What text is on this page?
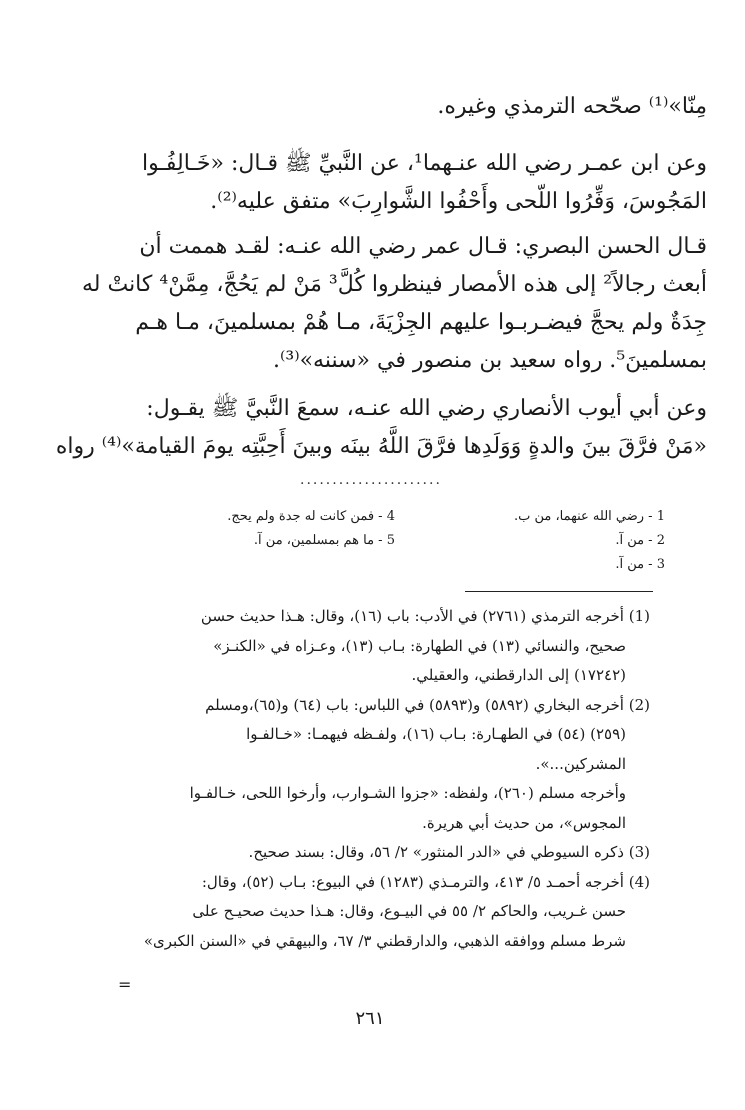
مِنّا»⁽¹⁾ صحّحه الترمذي وغيره.
وعن ابن عمـر رضي الله عنـهما¹، عن النَّبيِّ ﷺ قـال: «خَـالِفُـوا
المَجُوسَ، وَفِّرُوا اللّحى وأَحْفُوا الشَّوارِبَ» متفق عليه⁽²⁾.
قـال الحسن البصري: قـال عمر رضي الله عنـه: لقـد هممت أن
أبعث رجالاً² إلى هذه الأمصار فينظروا كُلَّ³ مَنْ لم يَحُجَّ، مِمَّنْ⁴ كانتْ له
جِدَةٌ ولم يحجَّ فيضـربـوا عليهم الجِزْيَةَ، مـا هُمْ بمسلمينَ، مـا هـم
بمسلمينَ⁵. رواه سعيد بن منصور في «سننه»⁽³⁾.
وعن أبي أيوب الأنصاري رضي الله عنـه، سمعَ النَّبيَّ ﷺ يقـول:
«مَنْ فرَّقَ بينَ والدةٍ وَوَلَدِها فرَّقَ اللَّهُ بينَه وبينَ أَحِبَّتِه يومَ القيامة»⁽⁴⁾ رواه
......................
1 - رضي الله عنهما، من ب.
2 - من آ.
3 - من آ.
4 - فمن كانت له جدة ولم يحج.
5 - ما هم بمسلمين، من آ.
(1) أخرجه الترمذي (٢٧٦١) في الأدب: باب (١٦)، وقال: هـذا حديث حسن
صحيح، والنسائي (١٣) في الطهارة: بـاب (١٣)، وعـزاه في «الكنـز»
(١٧٢٤٢) إلى الدارقطني، والعقيلي.
(2) أخرجه البخاري (٥٨٩٢) و(٥٨٩٣) في اللباس: باب (٦٤) و(٦٥)،ومسلم
(٢٥٩) (٥٤) في الطهـارة: بـاب (١٦)، ولفـظه فيهمـا: «خـالفـوا
المشركين...».
وأخرجه مسلم (٢٦٠)، ولفظه: «جزوا الشـوارب، وأرخوا اللحى، خـالفـوا
المجوس»، من حديث أبي هريرة.
(3) ذكره السيوطي في «الدر المنثور» ٢/ ٥٦، وقال: بسند صحيح.
(4) أخرجه أحمـد ٥/ ٤١٣، والترمـذي (١٢٨٣) في البيوع: بـاب (٥٢)، وقال:
حسن غـريب، والحاكم ٢/ ٥٥ في البيـوع، وقال: هـذا حديث صحيـح على
شرط مسلم ووافقه الذهبي، والدارقطني ٣/ ٦٧، والبيهقي في «السنن الكبرى»
=
٢٦١
